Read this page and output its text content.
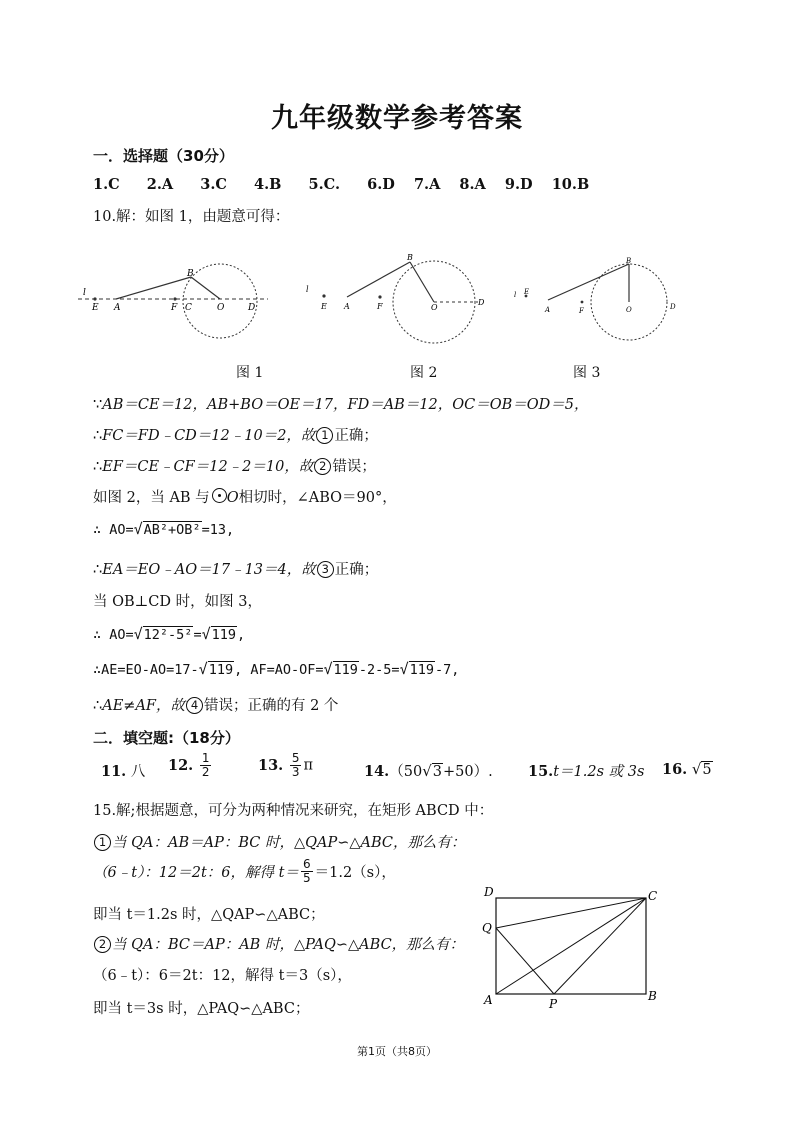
九年级数学参考答案
一．选择题（30分）
1.C 2.A 3.C 4.B 5.C. 6.D 7.A 8.A 9.D 10.B
10.解：如图 1，由题意可得：
l
E A
B
F C	O	D
l
E A	F
B
O
D
l E
A	F
B
O	D
图 1	图 2	图 3
∵AB＝CE＝12，AB+BO＝OE＝17，FD＝AB＝12，OC＝OB＝OD＝5，
∴FC＝FD﹣CD＝12﹣10＝2，故 1 正确；
∴EF＝CE﹣CF＝12﹣2＝10，故 2 错误；
如图 2，当 AB 与 O相切时，∠ABO＝90°，
∴ AO=√AB²+OB²=13,
∴EA＝EO﹣AO＝17﹣13＝4，故 3 正确；
当 OB⊥CD 时，如图 3，
∴ AO=√12²-5²=√119,
∴AE=EO-AO=17-√119, AF=AO-OF=√119-2-5=√119-7,
∴AE≠AF，故 4 错误；正确的有 2 个
二．填空题:（18分）
11. 八 12. $\frac{1}{2}$	13. $\frac{5}{3}$ π	14.（50√3+50）. 15.t＝1.2s 或 3s 16. √5
15.解;根据题意，可分为两种情况来研究，在矩形 ABCD 中：
1 当 QA：AB＝AP：BC 时，△QAP∽△ABC，那么有：
（6﹣t）：12＝2t：6，解得 $t= \frac{6}{5} =1.2(s)$，
即当 t＝1.2s 时，△QAP∽△ABC；
2 当 QA：BC＝AP：AB 时，△PAQ∽△ABC，那么有：
（6﹣t）：6＝2t：12，解得 t＝3（s），
即当 t＝3s 时，△PAQ∽△ABC；
D	C
Q
A	P
B
第1页（共8页）
